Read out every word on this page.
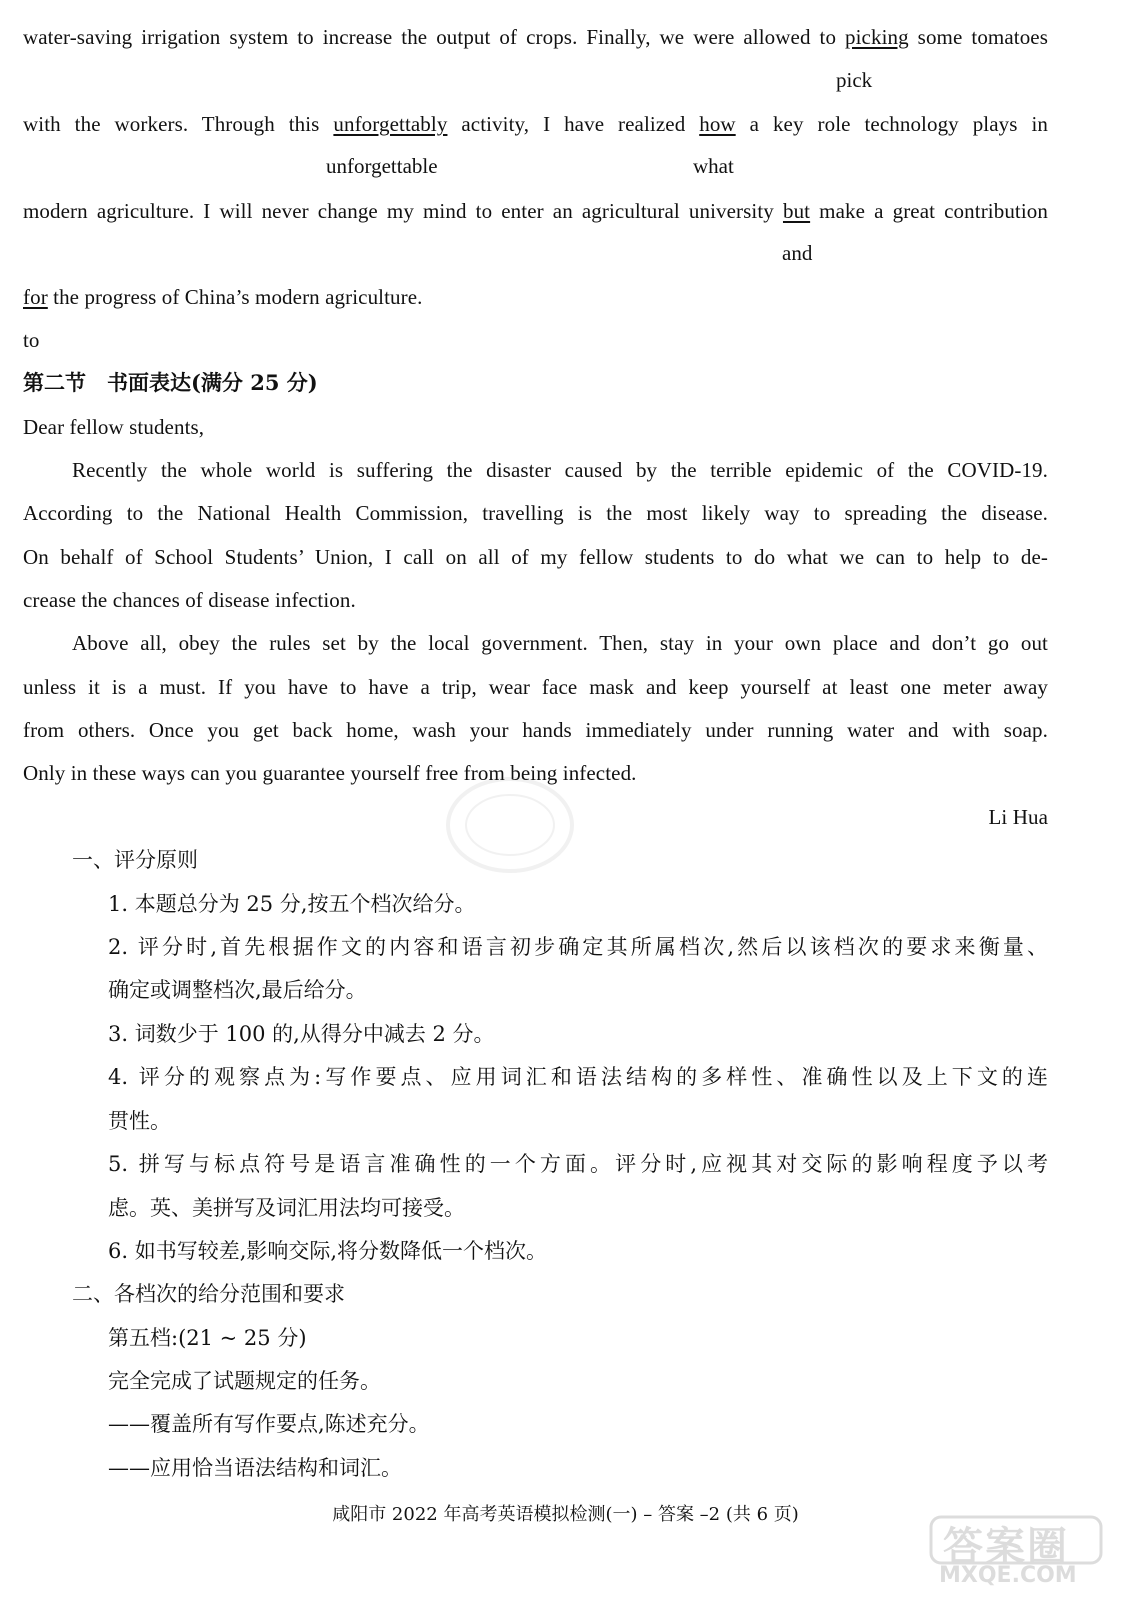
water-saving irrigation system to increase the output of crops. Finally, we were allowed to picking some tomatoes
pick
with the workers. Through this unforgettably activity, I have realized how a key role technology plays in
unforgettable	what
modern agriculture. I will never change my mind to enter an agricultural university but make a great contribution
and
for the progress of China’s modern agriculture.
to
第二节　书面表达(满分 25 分)
Dear fellow students,
Recently the whole world is suffering the disaster caused by the terrible epidemic of the COVID-19.
According to the National Health Commission, travelling is the most likely way to spreading the disease.
On behalf of School Students’ Union, I call on all of my fellow students to do what we can to help to de-
crease the chances of disease infection.
Above all, obey the rules set by the local government. Then, stay in your own place and don’t go out
unless it is a must. If you have to have a trip, wear face mask and keep yourself at least one meter away
from others. Once you get back home, wash your hands immediately under running water and with soap.
Only in these ways can you guarantee yourself free from being infected.
Li Hua
一、评分原则
1. 本题总分为 25 分,按五个档次给分。
2. 评分时,首先根据作文的内容和语言初步确定其所属档次,然后以该档次的要求来衡量、
确定或调整档次,最后给分。
3. 词数少于 100 的,从得分中减去 2 分。
4. 评分的观察点为:写作要点、应用词汇和语法结构的多样性、准确性以及上下文的连
贯性。
5. 拼写与标点符号是语言准确性的一个方面。评分时,应视其对交际的影响程度予以考
虑。英、美拼写及词汇用法均可接受。
6. 如书写较差,影响交际,将分数降低一个档次。
二、各档次的给分范围和要求
第五档:(21 ~ 25 分)
完全完成了试题规定的任务。
——覆盖所有写作要点,陈述充分。
——应用恰当语法结构和词汇。
咸阳市 2022 年高考英语模拟检测(一) – 答案 –2 (共 6 页)
答案圈
MXQE.COM
